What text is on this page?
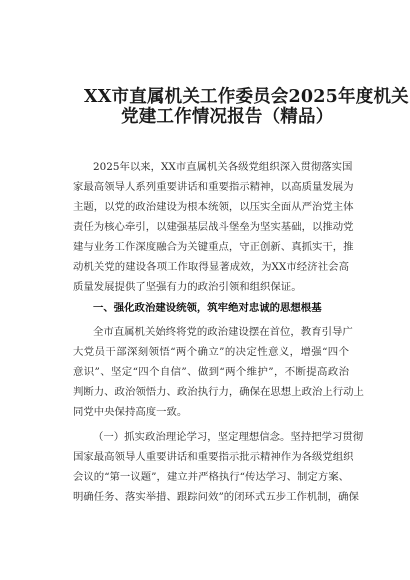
XX市直属机关工作委员会2025年度机关
党建工作情况报告（精品）
2025年以来，XX市直属机关各级党组织深入贯彻落实国
家最高领导人系列重要讲话和重要指示精神，以高质量发展为
主题，以党的政治建设为根本统领，以压实全面从严治党主体
责任为核心牵引，以建强基层战斗堡垒为坚实基础，以推动党
建与业务工作深度融合为关键重点，守正创新、真抓实干，推
动机关党的建设各项工作取得显著成效，为XX市经济社会高
质量发展提供了坚强有力的政治引领和组织保证。
一、强化政治建设统领，筑牢绝对忠诚的思想根基
全市直属机关始终将党的政治建设摆在首位，教育引导广
大党员干部深刻领悟“两个确立”的决定性意义，增强“四个
意识”、坚定“四个自信”、做到“两个维护”，不断提高政治
判断力、政治领悟力、政治执行力，确保在思想上政治上行动上
同党中央保持高度一致。
（一）抓实政治理论学习，坚定理想信念。坚持把学习贯彻
国家最高领导人重要讲话和重要指示批示精神作为各级党组织
会议的“第一议题”，建立并严格执行“传达学习、制定方案、
明确任务、落实举措、跟踪问效”的闭环式五步工作机制，确保
